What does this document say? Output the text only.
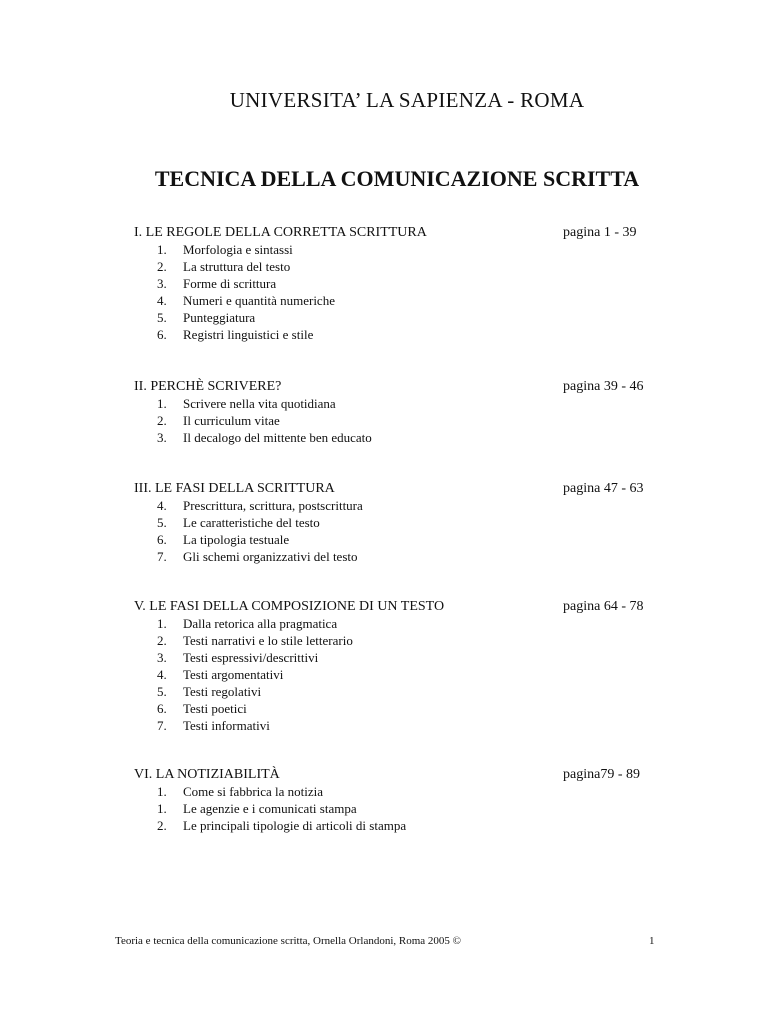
UNIVERSITA’ LA SAPIENZA - ROMA
TECNICA DELLA COMUNICAZIONE SCRITTA
I. LE REGOLE DELLA CORRETTA SCRITTURA	pagina 1 - 39
1. Morfologia e sintassi
2. La struttura del testo
3. Forme di scrittura
4. Numeri e quantità numeriche
5. Punteggiatura
6. Registri linguistici e stile
II. PERCHÈ SCRIVERE?	pagina 39 - 46
1. Scrivere nella vita quotidiana
2. Il curriculum vitae
3. Il decalogo del mittente ben educato
III. LE FASI DELLA SCRITTURA	pagina 47 - 63
4. Prescrittura, scrittura, postscrittura
5. Le caratteristiche del testo
6. La tipologia testuale
7. Gli schemi organizzativi del testo
V. LE FASI DELLA COMPOSIZIONE DI UN TESTO	pagina 64 - 78
1. Dalla retorica alla pragmatica
2. Testi narrativi e lo stile letterario
3. Testi espressivi/descrittivi
4. Testi argomentativi
5. Testi regolativi
6. Testi poetici
7. Testi informativi
VI. LA NOTIZIABILITÀ	pagina79 - 89
1. Come si fabbrica la notizia
1. Le agenzie e i comunicati stampa
2. Le principali tipologie di articoli di stampa
Teoria e tecnica della comunicazione scritta, Ornella Orlandoni, Roma 2005 ©	1
